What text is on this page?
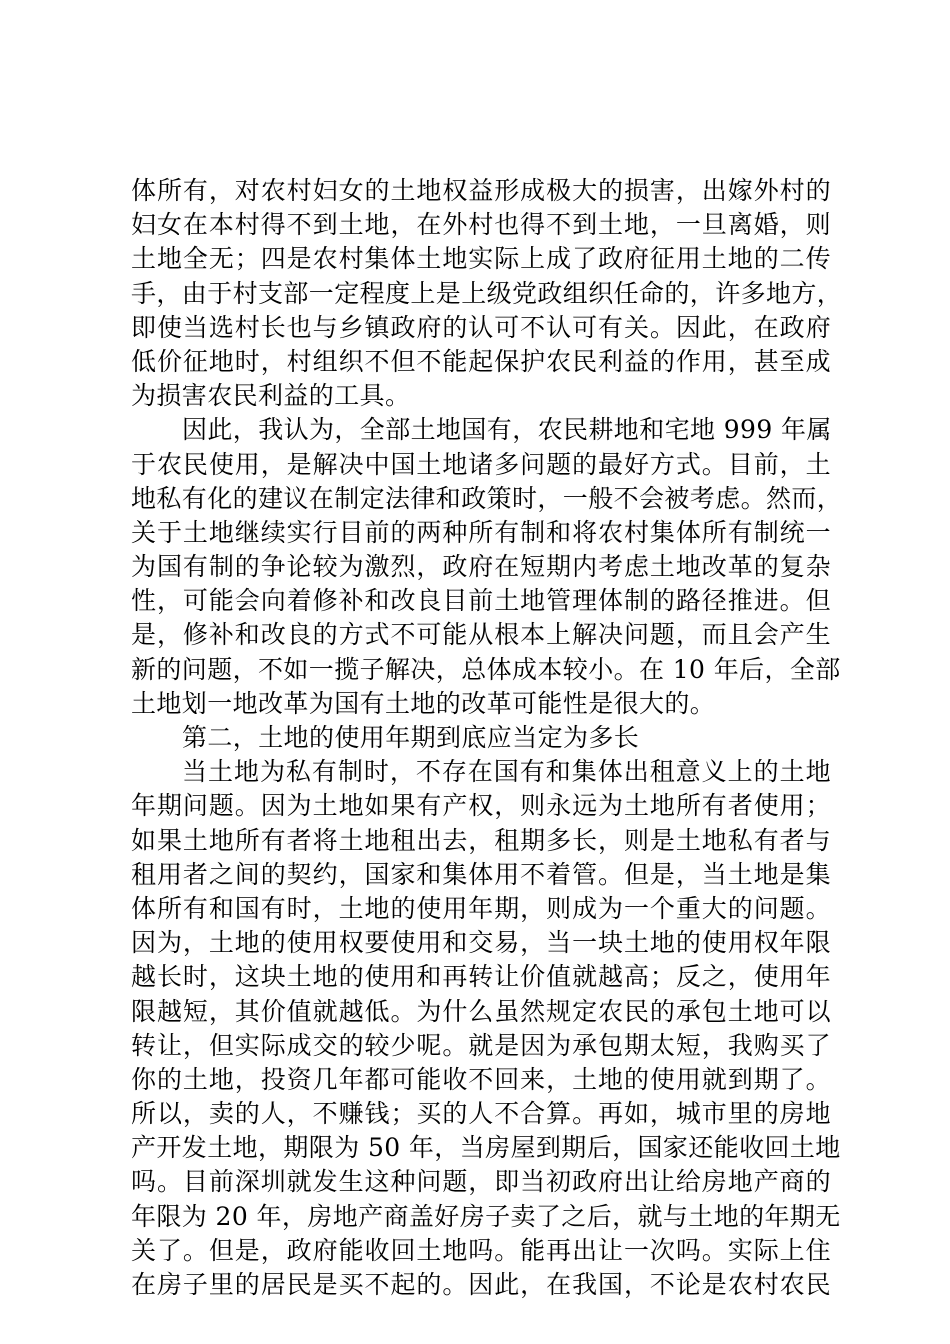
体所有，对农村妇女的土地权益形成极大的损害，出嫁外村的
妇女在本村得不到土地，在外村也得不到土地，一旦离婚，则
土地全无；四是农村集体土地实际上成了政府征用土地的二传
手，由于村支部一定程度上是上级党政组织任命的，许多地方，
即使当选村长也与乡镇政府的认可不认可有关。因此，在政府
低价征地时，村组织不但不能起保护农民利益的作用，甚至成
为损害农民利益的工具。
因此，我认为，全部土地国有，农民耕地和宅地 999 年属
于农民使用，是解决中国土地诸多问题的最好方式。目前，土
地私有化的建议在制定法律和政策时，一般不会被考虑。然而，
关于土地继续实行目前的两种所有制和将农村集体所有制统一
为国有制的争论较为激烈，政府在短期内考虑土地改革的复杂
性，可能会向着修补和改良目前土地管理体制的路径推进。但
是，修补和改良的方式不可能从根本上解决问题，而且会产生
新的问题，不如一揽子解决，总体成本较小。在 10 年后，全部
土地划一地改革为国有土地的改革可能性是很大的。
第二，土地的使用年期到底应当定为多长
当土地为私有制时，不存在国有和集体出租意义上的土地
年期问题。因为土地如果有产权，则永远为土地所有者使用；
如果土地所有者将土地租出去，租期多长，则是土地私有者与
租用者之间的契约，国家和集体用不着管。但是，当土地是集
体所有和国有时，土地的使用年期，则成为一个重大的问题。
因为，土地的使用权要使用和交易，当一块土地的使用权年限
越长时，这块土地的使用和再转让价值就越高；反之，使用年
限越短，其价值就越低。为什么虽然规定农民的承包土地可以
转让，但实际成交的较少呢。就是因为承包期太短，我购买了
你的土地，投资几年都可能收不回来，土地的使用就到期了。
所以，卖的人，不赚钱；买的人不合算。再如，城市里的房地
产开发土地，期限为 50 年，当房屋到期后，国家还能收回土地
吗。目前深圳就发生这种问题，即当初政府出让给房地产商的
年限为 20 年，房地产商盖好房子卖了之后，就与土地的年期无
关了。但是，政府能收回土地吗。能再出让一次吗。实际上住
在房子里的居民是买不起的。因此，在我国，不论是农村农民
